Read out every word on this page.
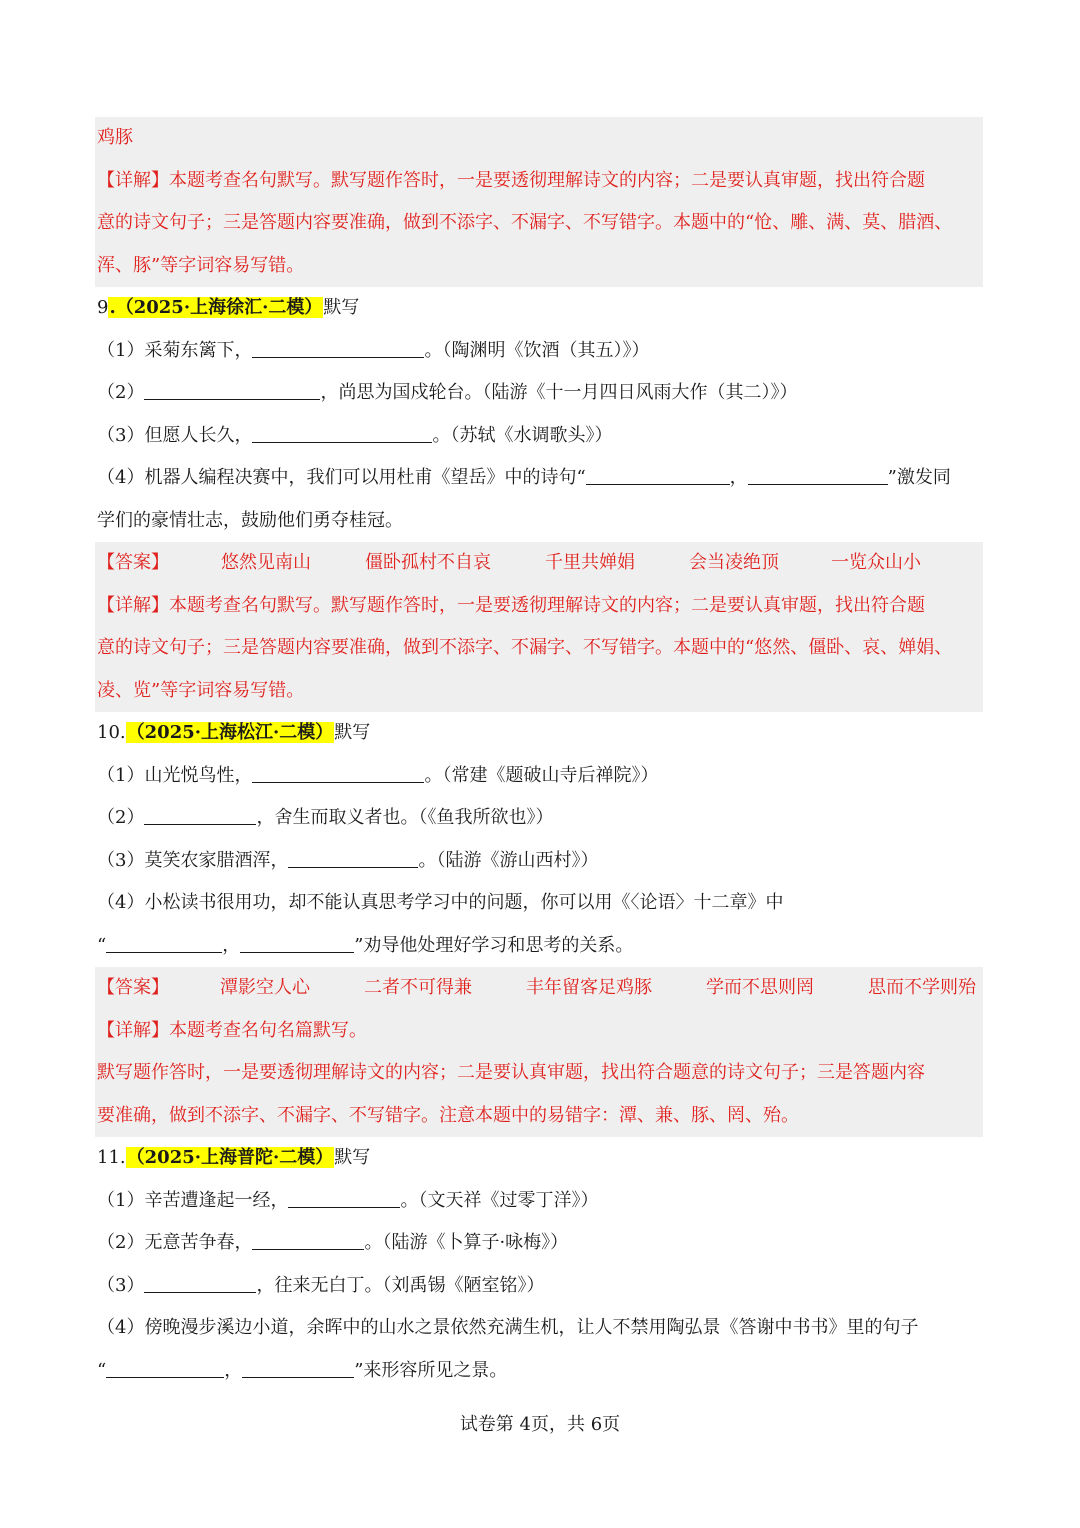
鸡豚
【详解】本题考查名句默写。默写题作答时，一是要透彻理解诗文的内容；二是要认真审题，找出符合题
意的诗文句子；三是答题内容要准确，做到不添字、不漏字、不写错字。本题中的“怆、雕、满、莫、腊酒、
浑、豚”等字词容易写错。
9.（2025·上海徐汇·二模）默写
（1）采菊东篱下，	。（陶渊明《饮酒（其五）》）
（2）	，尚思为国戍轮台。（陆游《十一月四日风雨大作（其二）》）
（3）但愿人长久，	。（苏轼《水调歌头》）
（4）机器人编程决赛中，我们可以用杜甫《望岳》中的诗句“	，	”激发同
学们的豪情壮志，鼓励他们勇夺桂冠。
【答案】	悠然见南山	僵卧孤村不自哀	千里共婵娟	会当凌绝顶	一览众山小
【详解】本题考查名句默写。默写题作答时，一是要透彻理解诗文的内容；二是要认真审题，找出符合题
意的诗文句子；三是答题内容要准确，做到不添字、不漏字、不写错字。本题中的“悠然、僵卧、哀、婵娟、
凌、览”等字词容易写错。
10.（2025·上海松江·二模）默写
（1）山光悦鸟性，	。（常建《题破山寺后禅院》）
（2）	，舍生而取义者也。（《鱼我所欲也》）
（3）莫笑农家腊酒浑，	。（陆游《游山西村》）
（4）小松读书很用功，却不能认真思考学习中的问题，你可以用《〈论语〉十二章》中
“	，	”劝导他处理好学习和思考的关系。
【答案】	潭影空人心	二者不可得兼	丰年留客足鸡豚	学而不思则罔	思而不学则殆
【详解】本题考查名句名篇默写。
默写题作答时，一是要透彻理解诗文的内容；二是要认真审题，找出符合题意的诗文句子；三是答题内容
要准确，做到不添字、不漏字、不写错字。注意本题中的易错字：潭、兼、豚、罔、殆。
11.（2025·上海普陀·二模）默写
（1）辛苦遭逢起一经，	。（文天祥《过零丁洋》）
（2）无意苦争春，	。（陆游《卜算子·咏梅》）
（3）	，往来无白丁。（刘禹锡《陋室铭》）
（4）傍晚漫步溪边小道，余晖中的山水之景依然充满生机，让人不禁用陶弘景《答谢中书书》里的句子
“	，	”来形容所见之景。
试卷第 4页，共 6页
